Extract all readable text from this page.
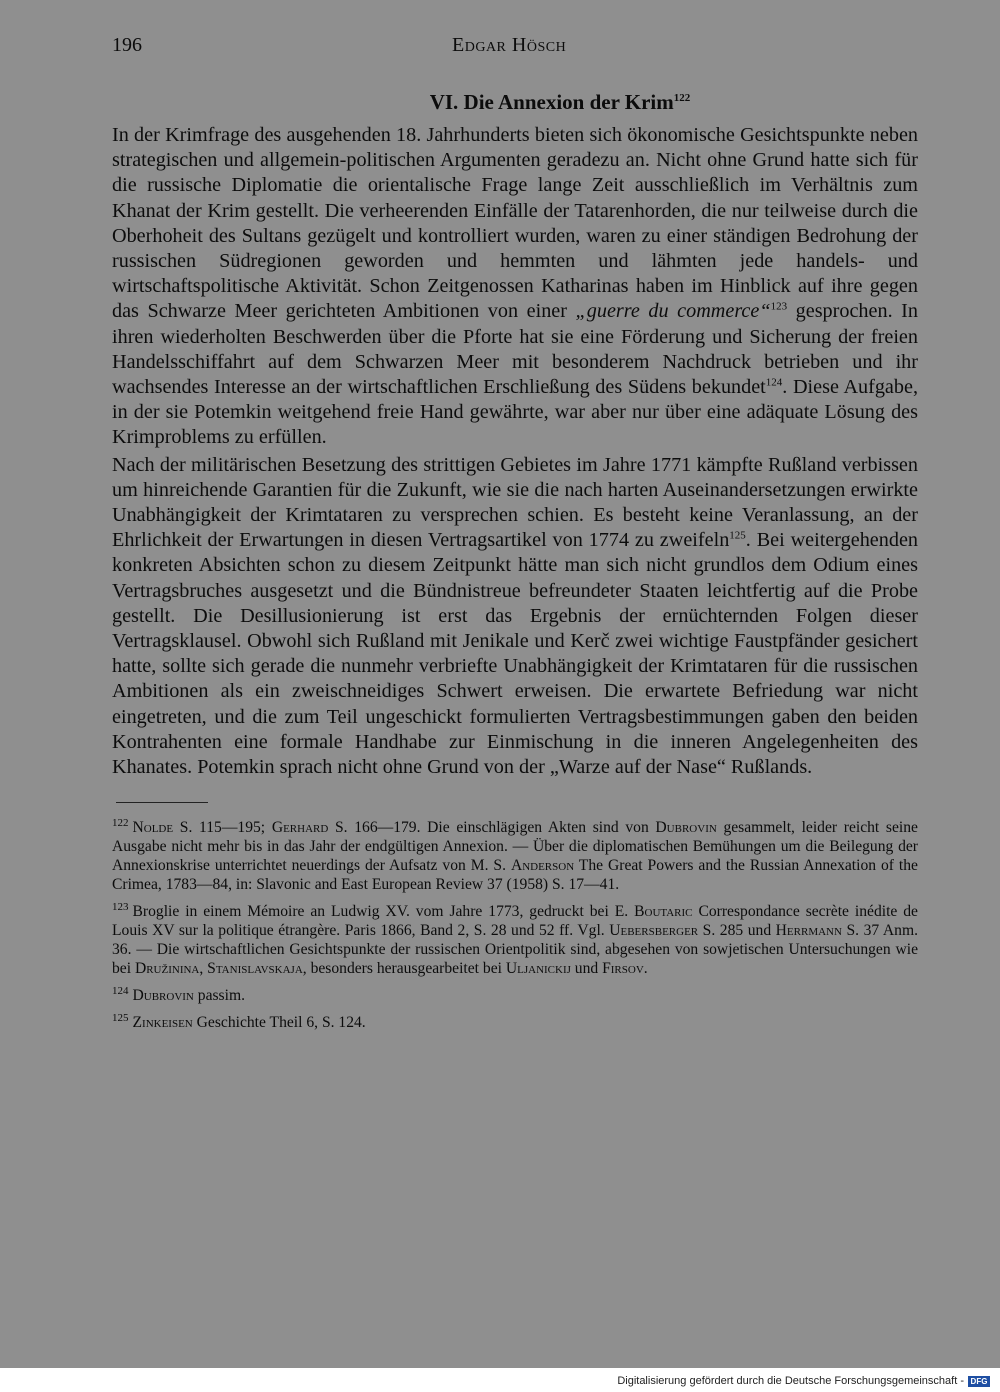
196	Edgar Hösch
VI. Die Annexion der Krim$^{122}$

In der Krimfrage des ausgehenden 18. Jahrhunderts bieten sich ökonomische Gesichtspunkte neben strategischen und allgemein-politischen Argumenten geradezu an. Nicht ohne Grund hatte sich für die russische Diplomatie die orientalische Frage lange Zeit ausschließlich im Verhältnis zum Khanat der Krim gestellt. Die verheerenden Einfälle der Tatarenhorden, die nur teilweise durch die Oberhoheit des Sultans gezügelt und kontrolliert wurden, waren zu einer ständigen Bedrohung der russischen Südregionen geworden und hemmten und lähmten jede handels- und wirtschaftspolitische Aktivität. Schon Zeitgenossen Katharinas haben im Hinblick auf ihre gegen das Schwarze Meer gerichteten Ambitionen von einer „guerre du commerce“$^{123}$ gesprochen. In ihren wiederholten Beschwerden über die Pforte hat sie eine Förderung und Sicherung der freien Handelsschiffahrt auf dem Schwarzen Meer mit besonderem Nachdruck betrieben und ihr wachsendes Interesse an der wirtschaftlichen Erschließung des Südens bekundet$^{124}$. Diese Aufgabe, in der sie Potemkin weitgehend freie Hand gewährte, war aber nur über eine adäquate Lösung des Krimproblems zu erfüllen.

Nach der militärischen Besetzung des strittigen Gebietes im Jahre 1771 kämpfte Rußland verbissen um hinreichende Garantien für die Zukunft, wie sie die nach harten Auseinandersetzungen erwirkte Unabhängigkeit der Krimtataren zu versprechen schien. Es besteht keine Veranlassung, an der Ehrlichkeit der Erwartungen in diesen Vertragsartikel von 1774 zu zweifeln$^{125}$. Bei weitergehenden konkreten Absichten schon zu diesem Zeitpunkt hätte man sich nicht grundlos dem Odium eines Vertragsbruches ausgesetzt und die Bündnistreue befreundeter Staaten leichtfertig auf die Probe gestellt. Die Desillusionierung ist erst das Ergebnis der ernüchternden Folgen dieser Vertragsklausel. Obwohl sich Rußland mit Jenikale und Kerč zwei wichtige Faustpfänder gesichert hatte, sollte sich gerade die nunmehr verbriefte Unabhängigkeit der Krimtataren für die russischen Ambitionen als ein zweischneidiges Schwert erweisen. Die erwartete Befriedung war nicht eingetreten, und die zum Teil ungeschickt formulierten Vertragsbestimmungen gaben den beiden Kontrahenten eine formale Handhabe zur Einmischung in die inneren Angelegenheiten des Khanates. Potemkin sprach nicht ohne Grund von der „Warze auf der Nase“ Rußlands.

$^{122}$ Nolde S. 115—195; Gerhard S. 166—179. Die einschlägigen Akten sind von Dubrovin gesammelt, leider reicht seine Ausgabe nicht mehr bis in das Jahr der endgültigen Annexion. — Über die diplomatischen Bemühungen um die Beilegung der Annexionskrise unterrichtet neuerdings der Aufsatz von M. S. Anderson The Great Powers and the Russian Annexation of the Crimea, 1783—84, in: Slavonic and East European Review 37 (1958) S. 17—41.

$^{123}$ Broglie in einem Mémoire an Ludwig XV. vom Jahre 1773, gedruckt bei E. Boutaric Correspondance secrète inédite de Louis XV sur la politique étrangère. Paris 1866, Band 2, S. 28 und 52 ff. Vgl. Uebersberger S. 285 und Herrmann S. 37 Anm. 36. — Die wirtschaftlichen Gesichtspunkte der russischen Orientpolitik sind, abgesehen von sowjetischen Untersuchungen wie bei Družinina, Stanislavskaja, besonders herausgearbeitet bei Uljanickij und Firsov.

$^{124}$ Dubrovin passim.

$^{125}$ Zinkeisen Geschichte Theil 6, S. 124.

Digitalisierung gefördert durch die Deutsche Forschungsgemeinschaft - DFG
